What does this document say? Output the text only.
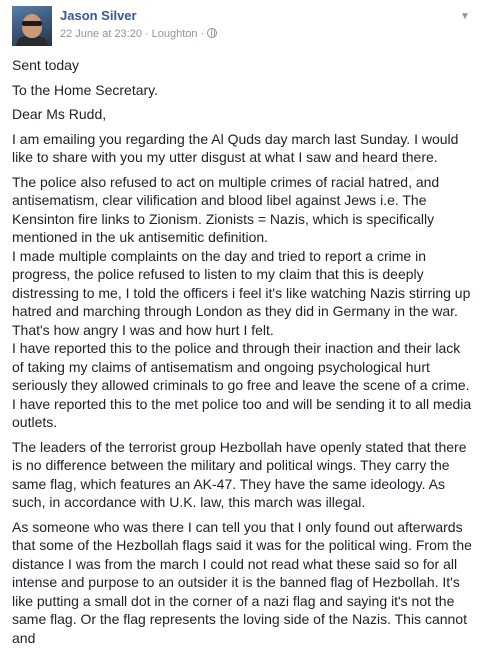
Jason Silver
22 June at 23:20 · Loughton ·
▼

Sent today

To the Home Secretary.

Dear Ms Rudd,

I am emailing you regarding the Al Quds day march last Sunday. I would like to share with you my utter disgust at what I saw and heard there.

The police also refused to act on multiple crimes of racial hatred, and antisematism, clear vilification and blood libel against Jews i.e. The Kensinton fire links to Zionism. Zionists = Nazis, which is specifically mentioned in the uk antisemitic definition.
I made multiple complaints on the day and tried to report a crime in progress, the police refused to listen to my claim that this is deeply distressing to me, I told the officers i feel it's like watching Nazis stirring up hatred and marching through London as they did in Germany in the war. That's how angry I was and how hurt I felt.
I have reported this to the police and through their inaction and their lack of taking my claims of antisematism and ongoing psychological hurt seriously they allowed criminals to go free and leave the scene of a crime.
I have reported this to the met police too and will be sending it to all media outlets.

The leaders of the terrorist group Hezbollah have openly stated that there is no difference between the military and political wings. They carry the same flag, which features an AK-47. They have the same ideology. As such, in accordance with U.K. law, this march was illegal.

As someone who was there I can tell you that I only found out afterwards that some of the Hezbollah flags said it was for the political wing. From the distance I was from the march I could not read what these said so for all intense and purpose to an outsider it is the banned flag of Hezbollah. It's like putting a small dot in the corner of a nazi flag and saying it's not the same flag. Or the flag represents the loving side of the Nazis. This cannot and

Screenshot Snip
